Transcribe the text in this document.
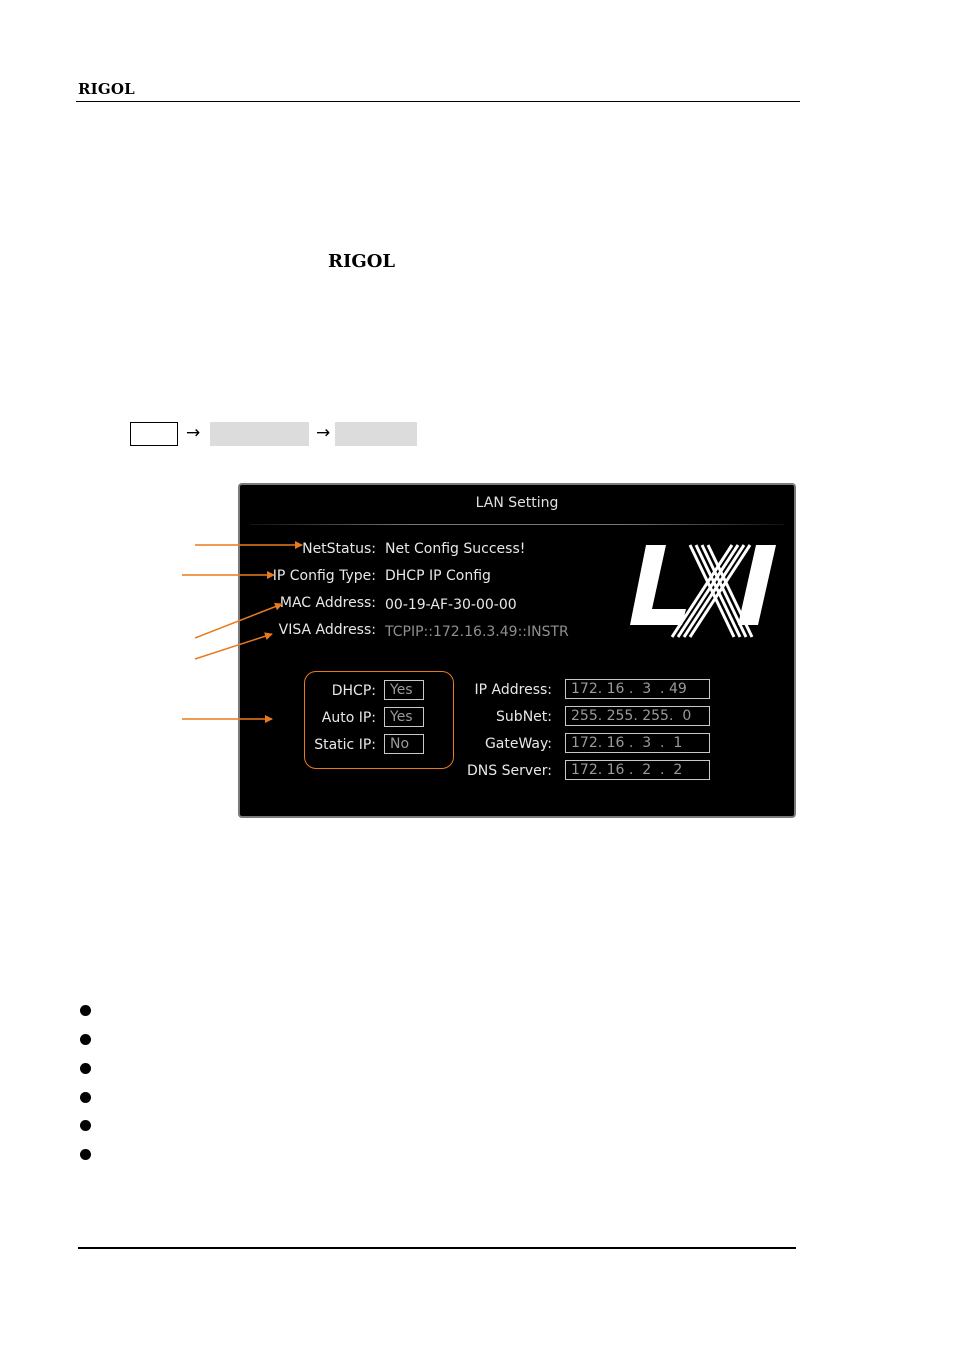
RIGOL
RIGOL
→	→
LAN Setting
NetStatus: Net Config Success!
IP Config Type: DHCP IP Config
MAC Address: 00-19-AF-30-00-00
VISA Address: TCPIP::172.16.3.49::INSTR
DHCP:	Yes
Auto IP:	Yes
Static IP:	No
IP Address:	172. 16 .  3  . 49
SubNet:	255. 255. 255.  0
GateWay:	172. 16 .  3  .  1
DNS Server:	172. 16 .  2  .  2
